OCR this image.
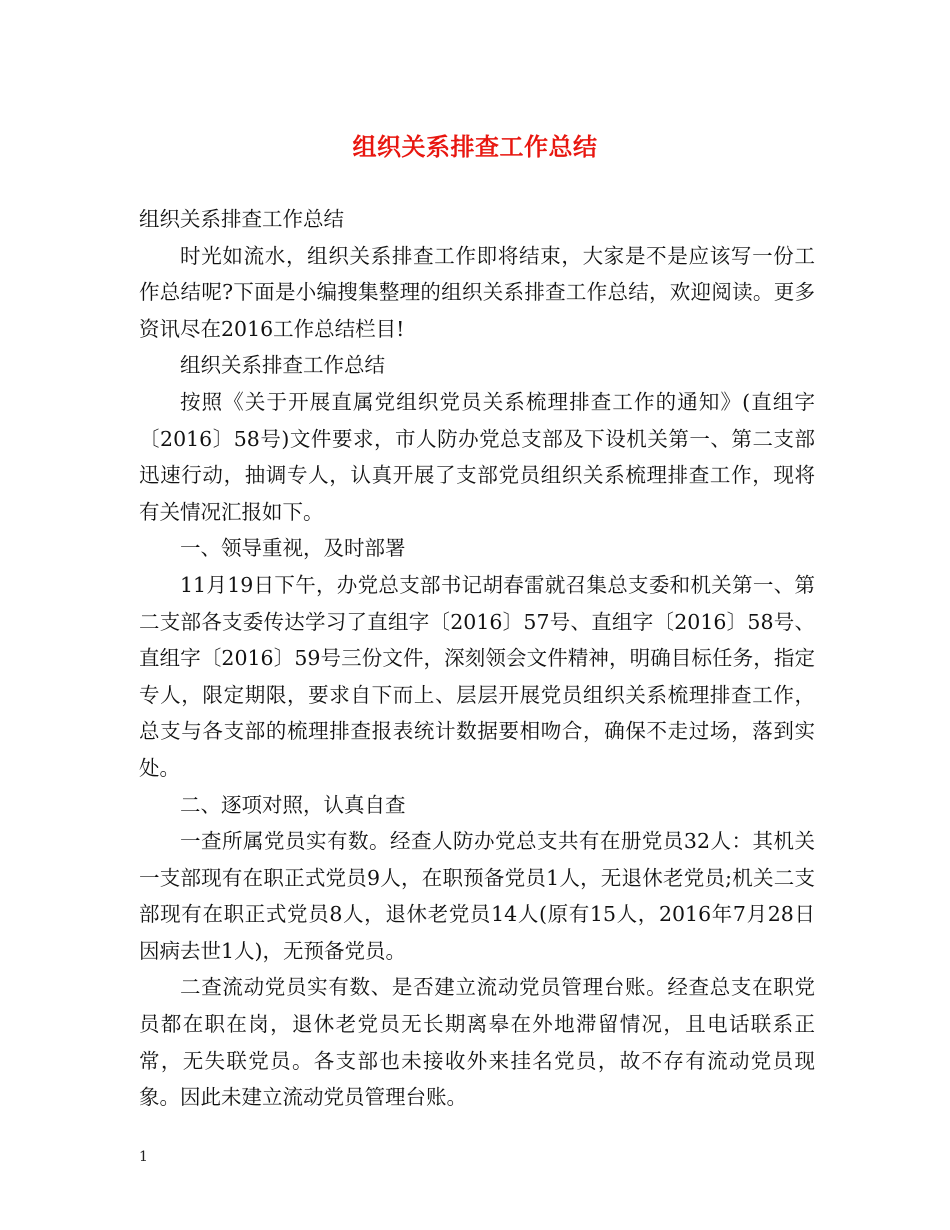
组织关系排查工作总结

组织关系排查工作总结

时光如流水，组织关系排查工作即将结束，大家是不是应该写一份工作总结呢?下面是小编搜集整理的组织关系排查工作总结，欢迎阅读。更多资讯尽在2016工作总结栏目!

组织关系排查工作总结

按照《关于开展直属党组织党员关系梳理排查工作的通知》(直组字〔2016〕58号)文件要求，市人防办党总支部及下设机关第一、第二支部迅速行动，抽调专人，认真开展了支部党员组织关系梳理排查工作，现将有关情况汇报如下。

一、领导重视，及时部署

11月19日下午，办党总支部书记胡春雷就召集总支委和机关第一、第二支部各支委传达学习了直组字〔2016〕57号、直组字〔2016〕58号、直组字〔2016〕59号三份文件，深刻领会文件精神，明确目标任务，指定专人，限定期限，要求自下而上、层层开展党员组织关系梳理排查工作，总支与各支部的梳理排查报表统计数据要相吻合，确保不走过场，落到实处。

二、逐项对照，认真自查

一查所属党员实有数。经查人防办党总支共有在册党员32人：其机关一支部现有在职正式党员9人，在职预备党员1人，无退休老党员;机关二支部现有在职正式党员8人，退休老党员14人(原有15人，2016年7月28日因病去世1人)，无预备党员。

二查流动党员实有数、是否建立流动党员管理台账。经查总支在职党员都在职在岗，退休老党员无长期离皋在外地滞留情况，且电话联系正常，无失联党员。各支部也未接收外来挂名党员，故不存有流动党员现象。因此未建立流动党员管理台账。

1
